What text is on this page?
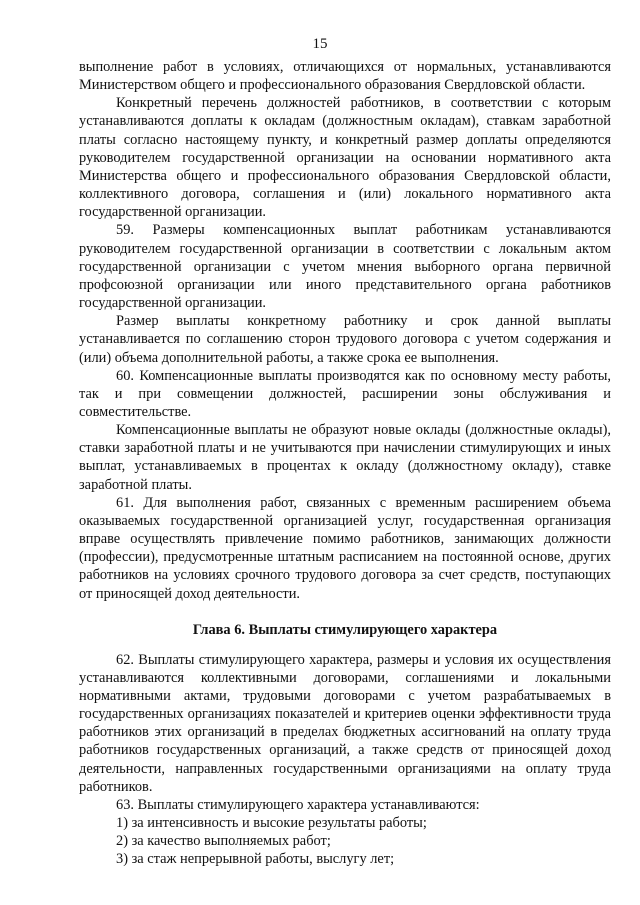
15

выполнение работ в условиях, отличающихся от нормальных, устанавливаются Министерством общего и профессионального образования Свердловской области.

Конкретный перечень должностей работников, в соответствии с которым устанавливаются доплаты к окладам (должностным окладам), ставкам заработной платы согласно настоящему пункту, и конкретный размер доплаты определяются руководителем государственной организации на основании нормативного акта Министерства общего и профессионального образования Свердловской области, коллективного договора, соглашения и (или) локального нормативного акта государственной организации.

59. Размеры компенсационных выплат работникам устанавливаются руководителем государственной организации в соответствии с локальным актом государственной организации с учетом мнения выборного органа первичной профсоюзной организации или иного представительного органа работников государственной организации.

Размер выплаты конкретному работнику и срок данной выплаты устанавливается по соглашению сторон трудового договора с учетом содержания и (или) объема дополнительной работы, а также срока ее выполнения.

60. Компенсационные выплаты производятся как по основному месту работы, так и при совмещении должностей, расширении зоны обслуживания и совместительстве.

Компенсационные выплаты не образуют новые оклады (должностные оклады), ставки заработной платы и не учитываются при начислении стимулирующих и иных выплат, устанавливаемых в процентах к окладу (должностному окладу), ставке заработной платы.

61. Для выполнения работ, связанных с временным расширением объема оказываемых государственной организацией услуг, государственная организация вправе осуществлять привлечение помимо работников, занимающих должности (профессии), предусмотренные штатным расписанием на постоянной основе, других работников на условиях срочного трудового договора за счет средств, поступающих от приносящей доход деятельности.

Глава 6. Выплаты стимулирующего характера

62. Выплаты стимулирующего характера, размеры и условия их осуществления устанавливаются коллективными договорами, соглашениями и локальными нормативными актами, трудовыми договорами с учетом разрабатываемых в государственных организациях показателей и критериев оценки эффективности труда работников этих организаций в пределах бюджетных ассигнований на оплату труда работников государственных организаций, а также средств от приносящей доход деятельности, направленных государственными организациями на оплату труда работников.

63. Выплаты стимулирующего характера устанавливаются:

1) за интенсивность и высокие результаты работы;

2) за качество выполняемых работ;

3) за стаж непрерывной работы, выслугу лет;
